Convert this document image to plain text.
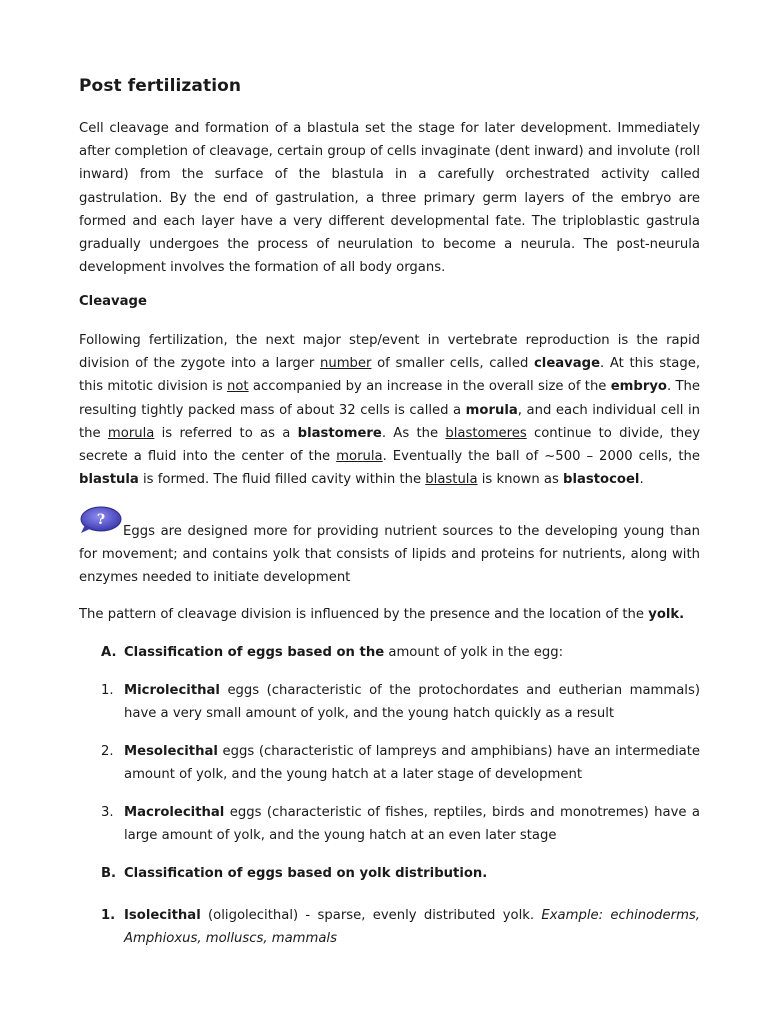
Post fertilization

Cell cleavage and formation of a blastula set the stage for later development. Immediately after completion of cleavage, certain group of cells invaginate (dent inward) and involute (roll inward) from the surface of the blastula in a carefully orchestrated activity called gastrulation. By the end of gastrulation, a three primary germ layers of the embryo are formed and each layer have a very different developmental fate. The triploblastic gastrula gradually undergoes the process of neurulation to become a neurula. The post-neurula development involves the formation of all body organs.

Cleavage

Following fertilization, the next major step/event in vertebrate reproduction is the rapid division of the zygote into a larger number of smaller cells, called cleavage. At this stage, this mitotic division is not accompanied by an increase in the overall size of the embryo. The resulting tightly packed mass of about 32 cells is called a morula, and each individual cell in the morula is referred to as a blastomere. As the blastomeres continue to divide, they secrete a fluid into the center of the morula. Eventually the ball of ~500 – 2000 cells, the blastula is formed. The fluid filled cavity within the blastula is known as blastocoel.

?

Eggs are designed more for providing nutrient sources to the developing young than for movement; and contains yolk that consists of lipids and proteins for nutrients, along with enzymes needed to initiate development

The pattern of cleavage division is influenced by the presence and the location of the yolk.

A. Classification of eggs based on the amount of yolk in the egg:
1. Microlecithal eggs (characteristic of the protochordates and eutherian mammals) have a very small amount of yolk, and the young hatch quickly as a result
2. Mesolecithal eggs (characteristic of lampreys and amphibians) have an intermediate amount of yolk, and the young hatch at a later stage of development
3. Macrolecithal eggs (characteristic of fishes, reptiles, birds and monotremes) have a large amount of yolk, and the young hatch at an even later stage
B. Classification of eggs based on yolk distribution.
1. Isolecithal (oligolecithal) - sparse, evenly distributed yolk. Example: echinoderms, Amphioxus, molluscs, mammals
